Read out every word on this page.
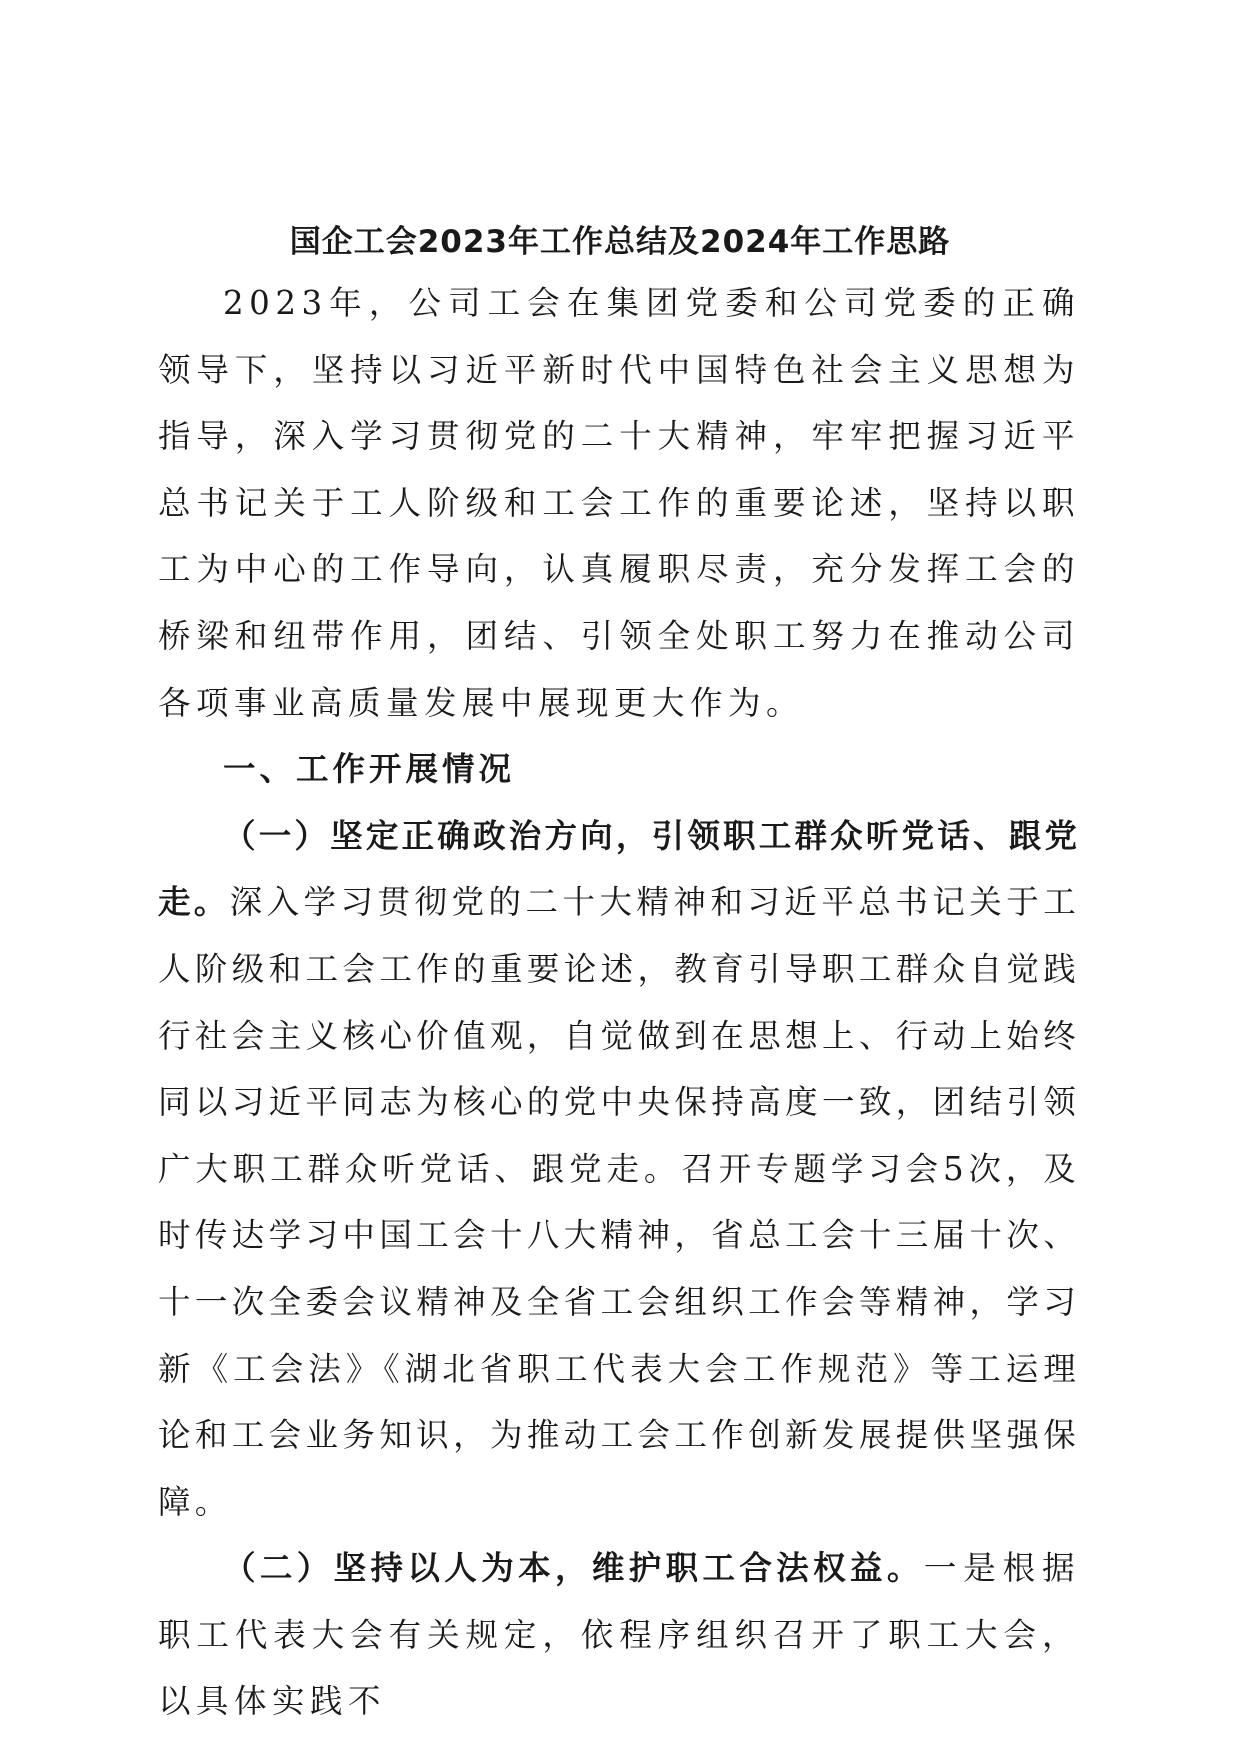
国企工会2023年工作总结及2024年工作思路

2023年，公司工会在集团党委和公司党委的正确领导下，坚持以习近平新时代中国特色社会主义思想为指导，深入学习贯彻党的二十大精神，牢牢把握习近平总书记关于工人阶级和工会工作的重要论述，坚持以职工为中心的工作导向，认真履职尽责，充分发挥工会的桥梁和纽带作用，团结、引领全处职工努力在推动公司各项事业高质量发展中展现更大作为。

一、工作开展情况

（一）坚定正确政治方向，引领职工群众听党话、跟党走。深入学习贯彻党的二十大精神和习近平总书记关于工人阶级和工会工作的重要论述，教育引导职工群众自觉践行社会主义核心价值观，自觉做到在思想上、行动上始终同以习近平同志为核心的党中央保持高度一致，团结引领广大职工群众听党话、跟党走。召开专题学习会5次，及时传达学习中国工会十八大精神，省总工会十三届十次、十一次全委会议精神及全省工会组织工作会等精神，学习新《工会法》《湖北省职工代表大会工作规范》等工运理论和工会业务知识，为推动工会工作创新发展提供坚强保障。

（二）坚持以人为本，维护职工合法权益。一是根据职工代表大会有关规定，依程序组织召开了职工大会，以具体实践不
